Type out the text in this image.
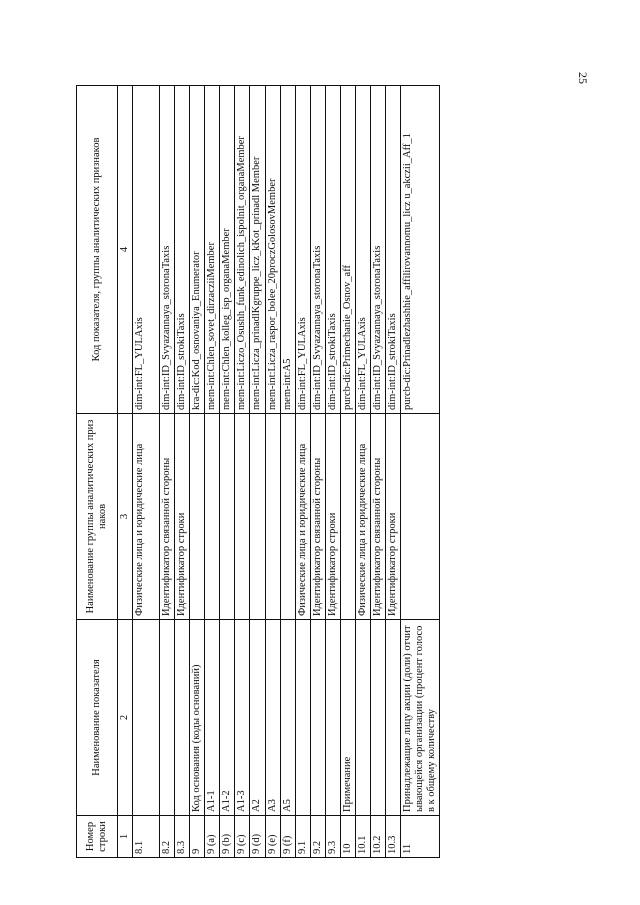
25
Номер строки	Наименование показателя	Наименование группы аналитических признаков	Код показателя, группы аналитических признаков
1	2	3	4
8.1		Физические лица и юридические лица	dim-int:FL_YULAxis
8.2		Идентификатор связанной стороны	dim-int:ID_Svyazannaya_storonaTaxis
8.3		Идентификатор строки	dim-int:ID_strokiTaxis
9	Код основания (коды оснований)		kra-dic:Kod_osnovaniya_Enumerator
9 (a)	A1-1		mem-int:Chlen_sovet_dirzacziiMember
9 (b)	A1-2		mem-int:Chlen_kolleg_isp_organaMember
9 (c)	A1-3		mem-int:Liczo_Osushh_funk_edinolich_ispolnit_organaMember
9 (d)	A2		mem-int:Licza_prinadlKgruppe_licz_kKot_prinadl Member
9 (e)	A3		mem-int:Licza_raspor_bolee_20proczGolosovMember
9 (f)	A5		mem-int:A5
9.1		Физические лица и юридические лица	dim-int:FL_YULAxis
9.2		Идентификатор связанной стороны	dim-int:ID_Svyazannaya_storonaTaxis
9.3		Идентификатор строки	dim-int:ID_strokiTaxis
10	Примечание		purcb-dic:Primechanie_Osnov_aff
10.1		Физические лица и юридические лица	dim-int:FL_YULAxis
10.2		Идентификатор связанной стороны	dim-int:ID_Svyazannaya_storonaTaxis
10.3		Идентификатор строки	dim-int:ID_strokiTaxis
11	Принадлежащие лицу акции (доли) отчитывающейся организации (процент голосов к общему количеству		purcb-dic:Prinadlezhashhie_affilirovannomu_licz u_akczii_Aff_1
